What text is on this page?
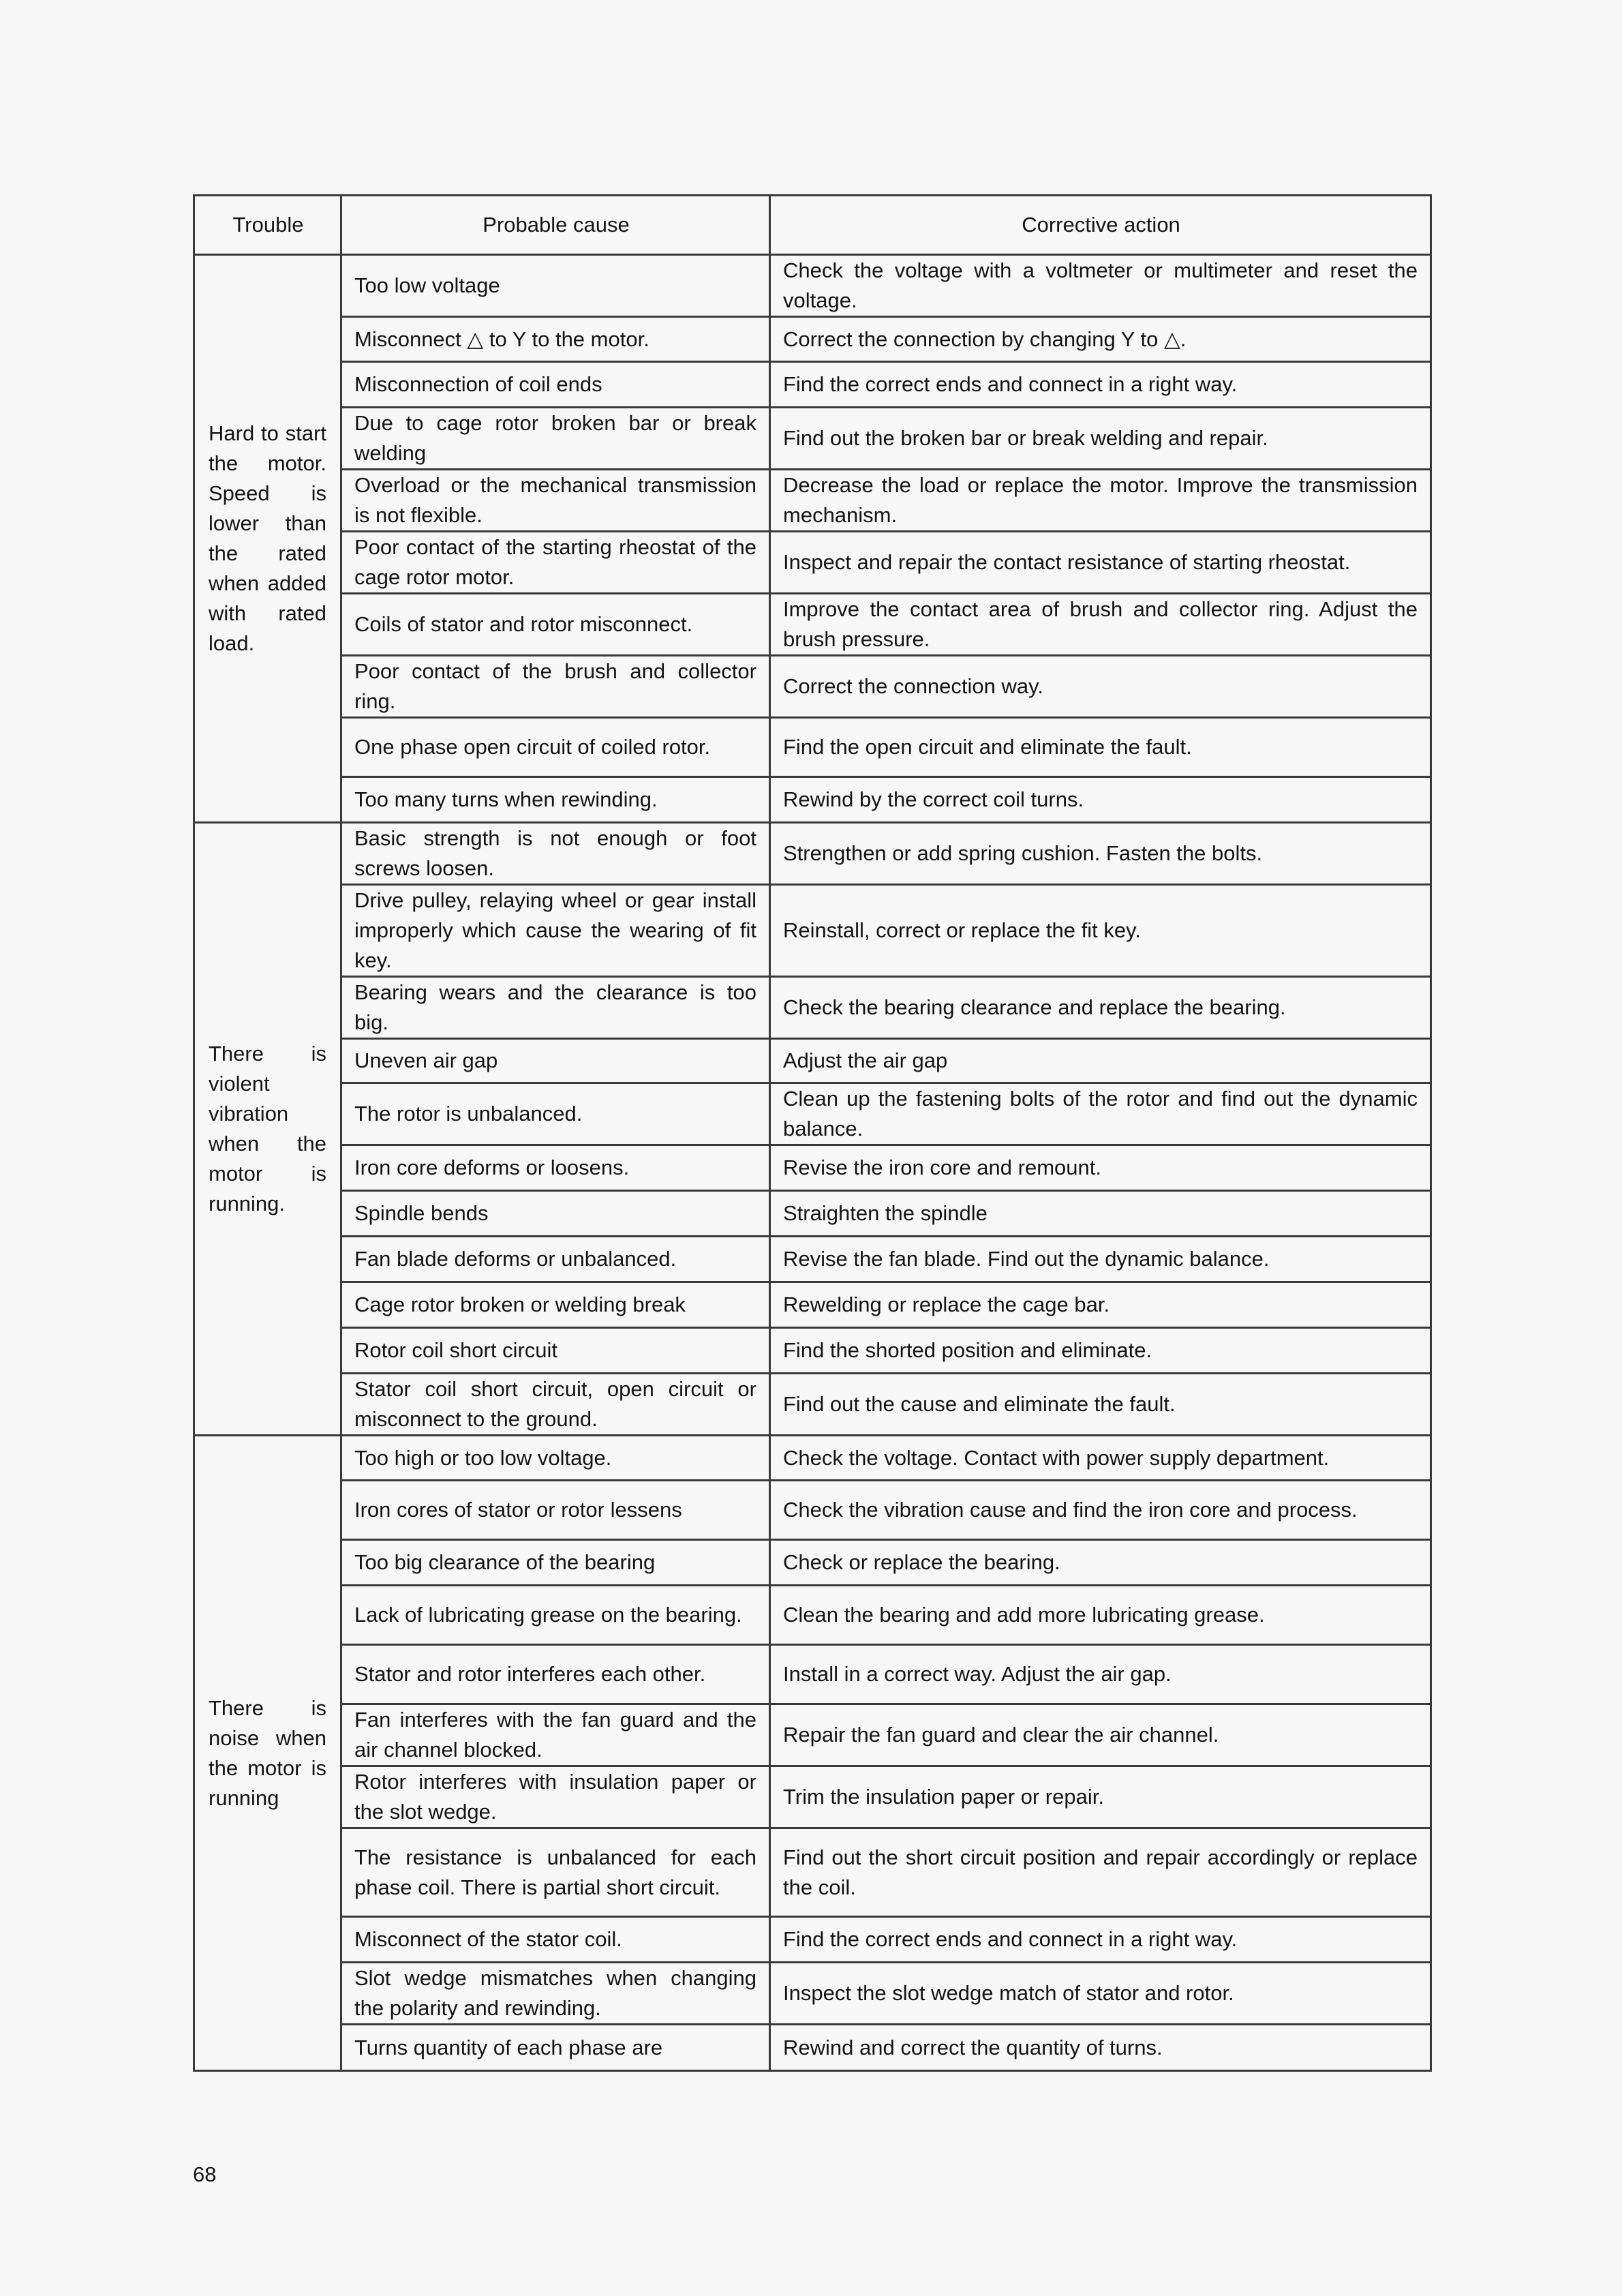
Trouble	Probable cause	Corrective action
Hard to start the motor. Speed is lower than the rated when added with rated load.	Too low voltage	Check the voltage with a voltmeter or multimeter and reset the voltage.
	Misconnect △ to Y to the motor.	Correct the connection by changing Y to △.
	Misconnection of coil ends	Find the correct ends and connect in a right way.
	Due to cage rotor broken bar or break welding	Find out the broken bar or break welding and repair.
	Overload or the mechanical transmission is not flexible.	Decrease the load or replace the motor. Improve the transmission mechanism.
	Poor contact of the starting rheostat of the cage rotor motor.	Inspect and repair the contact resistance of starting rheostat.
	Coils of stator and rotor misconnect.	Improve the contact area of brush and collector ring. Adjust the brush pressure.
	Poor contact of the brush and collector ring.	Correct the connection way.
	One phase open circuit of coiled rotor.	Find the open circuit and eliminate the fault.
	Too many turns when rewinding.	Rewind by the correct coil turns.
There is violent vibration when the motor is running.	Basic strength is not enough or foot screws loosen.	Strengthen or add spring cushion. Fasten the bolts.
	Drive pulley, relaying wheel or gear install improperly which cause the wearing of fit key.	Reinstall, correct or replace the fit key.
	Bearing wears and the clearance is too big.	Check the bearing clearance and replace the bearing.
	Uneven air gap	Adjust the air gap
	The rotor is unbalanced.	Clean up the fastening bolts of the rotor and find out the dynamic balance.
	Iron core deforms or loosens.	Revise the iron core and remount.
	Spindle bends	Straighten the spindle
	Fan blade deforms or unbalanced.	Revise the fan blade. Find out the dynamic balance.
	Cage rotor broken or welding break	Rewelding or replace the cage bar.
	Rotor coil short circuit	Find the shorted position and eliminate.
	Stator coil short circuit, open circuit or misconnect to the ground.	Find out the cause and eliminate the fault.
There is noise when the motor is running	Too high or too low voltage.	Check the voltage. Contact with power supply department.
	Iron cores of stator or rotor lessens	Check the vibration cause and find the iron core and process.
	Too big clearance of the bearing	Check or replace the bearing.
	Lack of lubricating grease on the bearing.	Clean the bearing and add more lubricating grease.
	Stator and rotor interferes each other.	Install in a correct way. Adjust the air gap.
	Fan interferes with the fan guard and the air channel blocked.	Repair the fan guard and clear the air channel.
	Rotor interferes with insulation paper or the slot wedge.	Trim the insulation paper or repair.
	The resistance is unbalanced for each phase coil. There is partial short circuit.	Find out the short circuit position and repair accordingly or replace the coil.
	Misconnect of the stator coil.	Find the correct ends and connect in a right way.
	Slot wedge mismatches when changing the polarity and rewinding.	Inspect the slot wedge match of stator and rotor.
	Turns quantity of each phase are	Rewind and correct the quantity of turns.
68
